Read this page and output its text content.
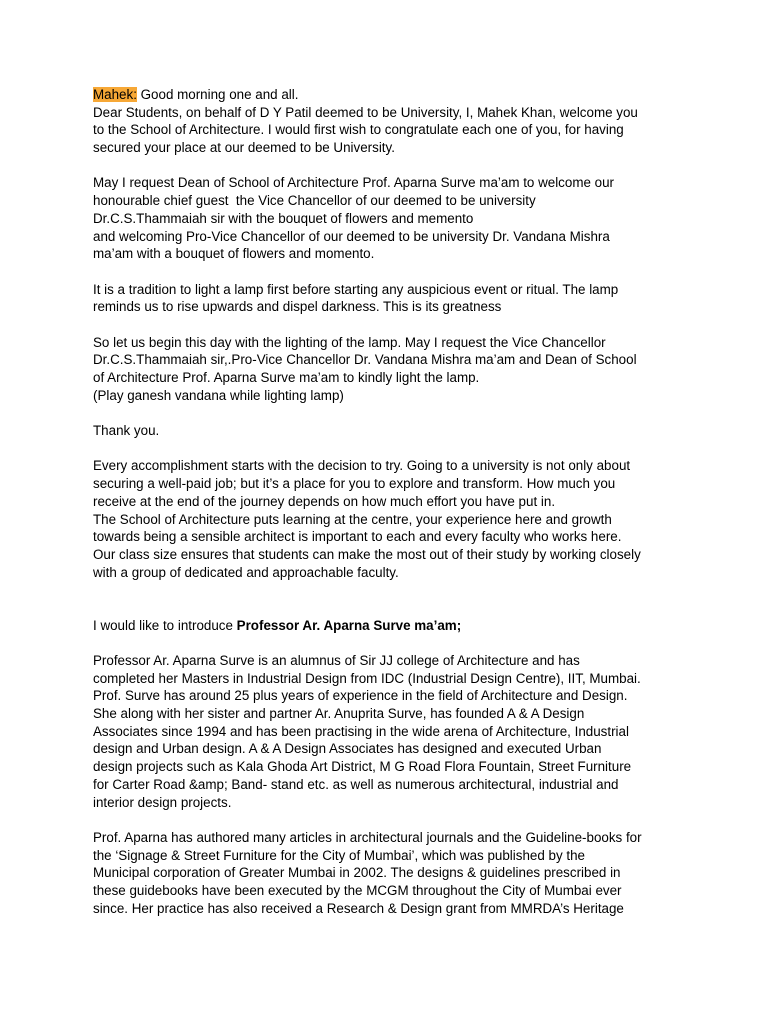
Mahek: Good morning one and all.
Dear Students, on behalf of D Y Patil deemed to be University, I, Mahek Khan, welcome you
to the School of Architecture. I would first wish to congratulate each one of you, for having
secured your place at our deemed to be University.
May I request Dean of School of Architecture Prof. Aparna Surve ma’am to welcome our
honourable chief guest  the Vice Chancellor of our deemed to be university
Dr.C.S.Thammaiah sir with the bouquet of flowers and memento
and welcoming Pro-Vice Chancellor of our deemed to be university Dr. Vandana Mishra
ma’am with a bouquet of flowers and momento.
It is a tradition to light a lamp first before starting any auspicious event or ritual. The lamp
reminds us to rise upwards and dispel darkness. This is its greatness
So let us begin this day with the lighting of the lamp. May I request the Vice Chancellor
Dr.C.S.Thammaiah sir,.Pro-Vice Chancellor Dr. Vandana Mishra ma’am and Dean of School
of Architecture Prof. Aparna Surve ma’am to kindly light the lamp.
(Play ganesh vandana while lighting lamp)
Thank you.
Every accomplishment starts with the decision to try. Going to a university is not only about
securing a well-paid job; but it’s a place for you to explore and transform. How much you
receive at the end of the journey depends on how much effort you have put in.
The School of Architecture puts learning at the centre, your experience here and growth
towards being a sensible architect is important to each and every faculty who works here.
Our class size ensures that students can make the most out of their study by working closely
with a group of dedicated and approachable faculty.
I would like to introduce Professor Ar. Aparna Surve ma’am;
Professor Ar. Aparna Surve is an alumnus of Sir JJ college of Architecture and has
completed her Masters in Industrial Design from IDC (Industrial Design Centre), IIT, Mumbai.
Prof. Surve has around 25 plus years of experience in the field of Architecture and Design.
She along with her sister and partner Ar. Anuprita Surve, has founded A & A Design
Associates since 1994 and has been practising in the wide arena of Architecture, Industrial
design and Urban design. A & A Design Associates has designed and executed Urban
design projects such as Kala Ghoda Art District, M G Road Flora Fountain, Street Furniture
for Carter Road &amp; Band- stand etc. as well as numerous architectural, industrial and
interior design projects.
Prof. Aparna has authored many articles in architectural journals and the Guideline-books for
the ‘Signage & Street Furniture for the City of Mumbai’, which was published by the
Municipal corporation of Greater Mumbai in 2002. The designs & guidelines prescribed in
these guidebooks have been executed by the MCGM throughout the City of Mumbai ever
since. Her practice has also received a Research & Design grant from MMRDA’s Heritage
